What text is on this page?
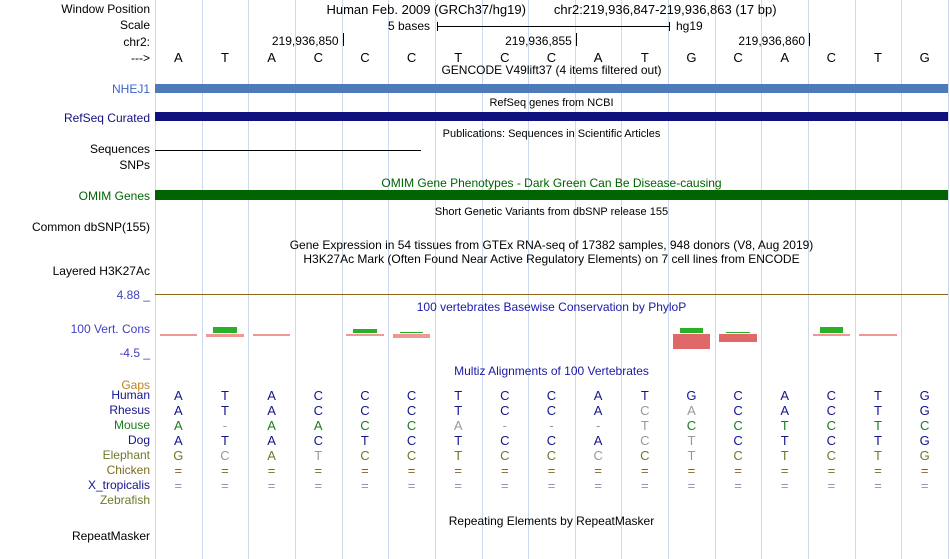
Window Position
Scale
chr2:
--->
NHEJ1
RefSeq Curated
Sequences
SNPs
OMIM Genes
Common dbSNP(155)
Layered H3K27Ac
4.88 _
100 Vert. Cons
-4.5 _
Gaps
RepeatMasker
Human Feb. 2009 (GRCh37/hg19) chr2:219,936,847-219,936,863 (17 bp)
5 bases	hg19
GENCODE V49lift37 (4 items filtered out)
RefSeq genes from NCBI
Publications: Sequences in Scientific Articles
OMIM Gene Phenotypes - Dark Green Can Be Disease-causing
Short Genetic Variants from dbSNP release 155
Gene Expression in 54 tissues from GTEx RNA-seq of 17382 samples, 948 donors (V8, Aug 2019)
H3K27Ac Mark (Often Found Near Active Regulatory Elements) on 7 cell lines from ENCODE
100 vertebrates Basewise Conservation by PhyloP
Multiz Alignments of 100 Vertebrates
Repeating Elements by RepeatMasker
219,936,850	219,936,855	219,936,860
A	T	A	C	C	C	T	C	C	A	T	G	C	A	C	T	G
Human	A	T	A	C	C	C	T	C	C	A	T	G	C	A	C	T	G
Rhesus	A	T	A	C	C	C	T	C	C	A	C	A	C	A	C	T	G
Mouse	A	-	A	A	C	C	A	-	-	-	T	C	C	T	C	T	C
Dog	A	T	A	C	T	C	T	C	C	A	C	T	C	T	C	T	G
Elephant	G	C	A	T	C	C	T	C	C	C	C	T	C	T	C	T	G
Chicken	=	=	=	=	=	=	=	=	=	=	=	=	=	=	=	=	=
X_tropicalis	=	=	=	=	=	=	=	=	=	=	=	=	=	=	=	=	=
Zebrafish
